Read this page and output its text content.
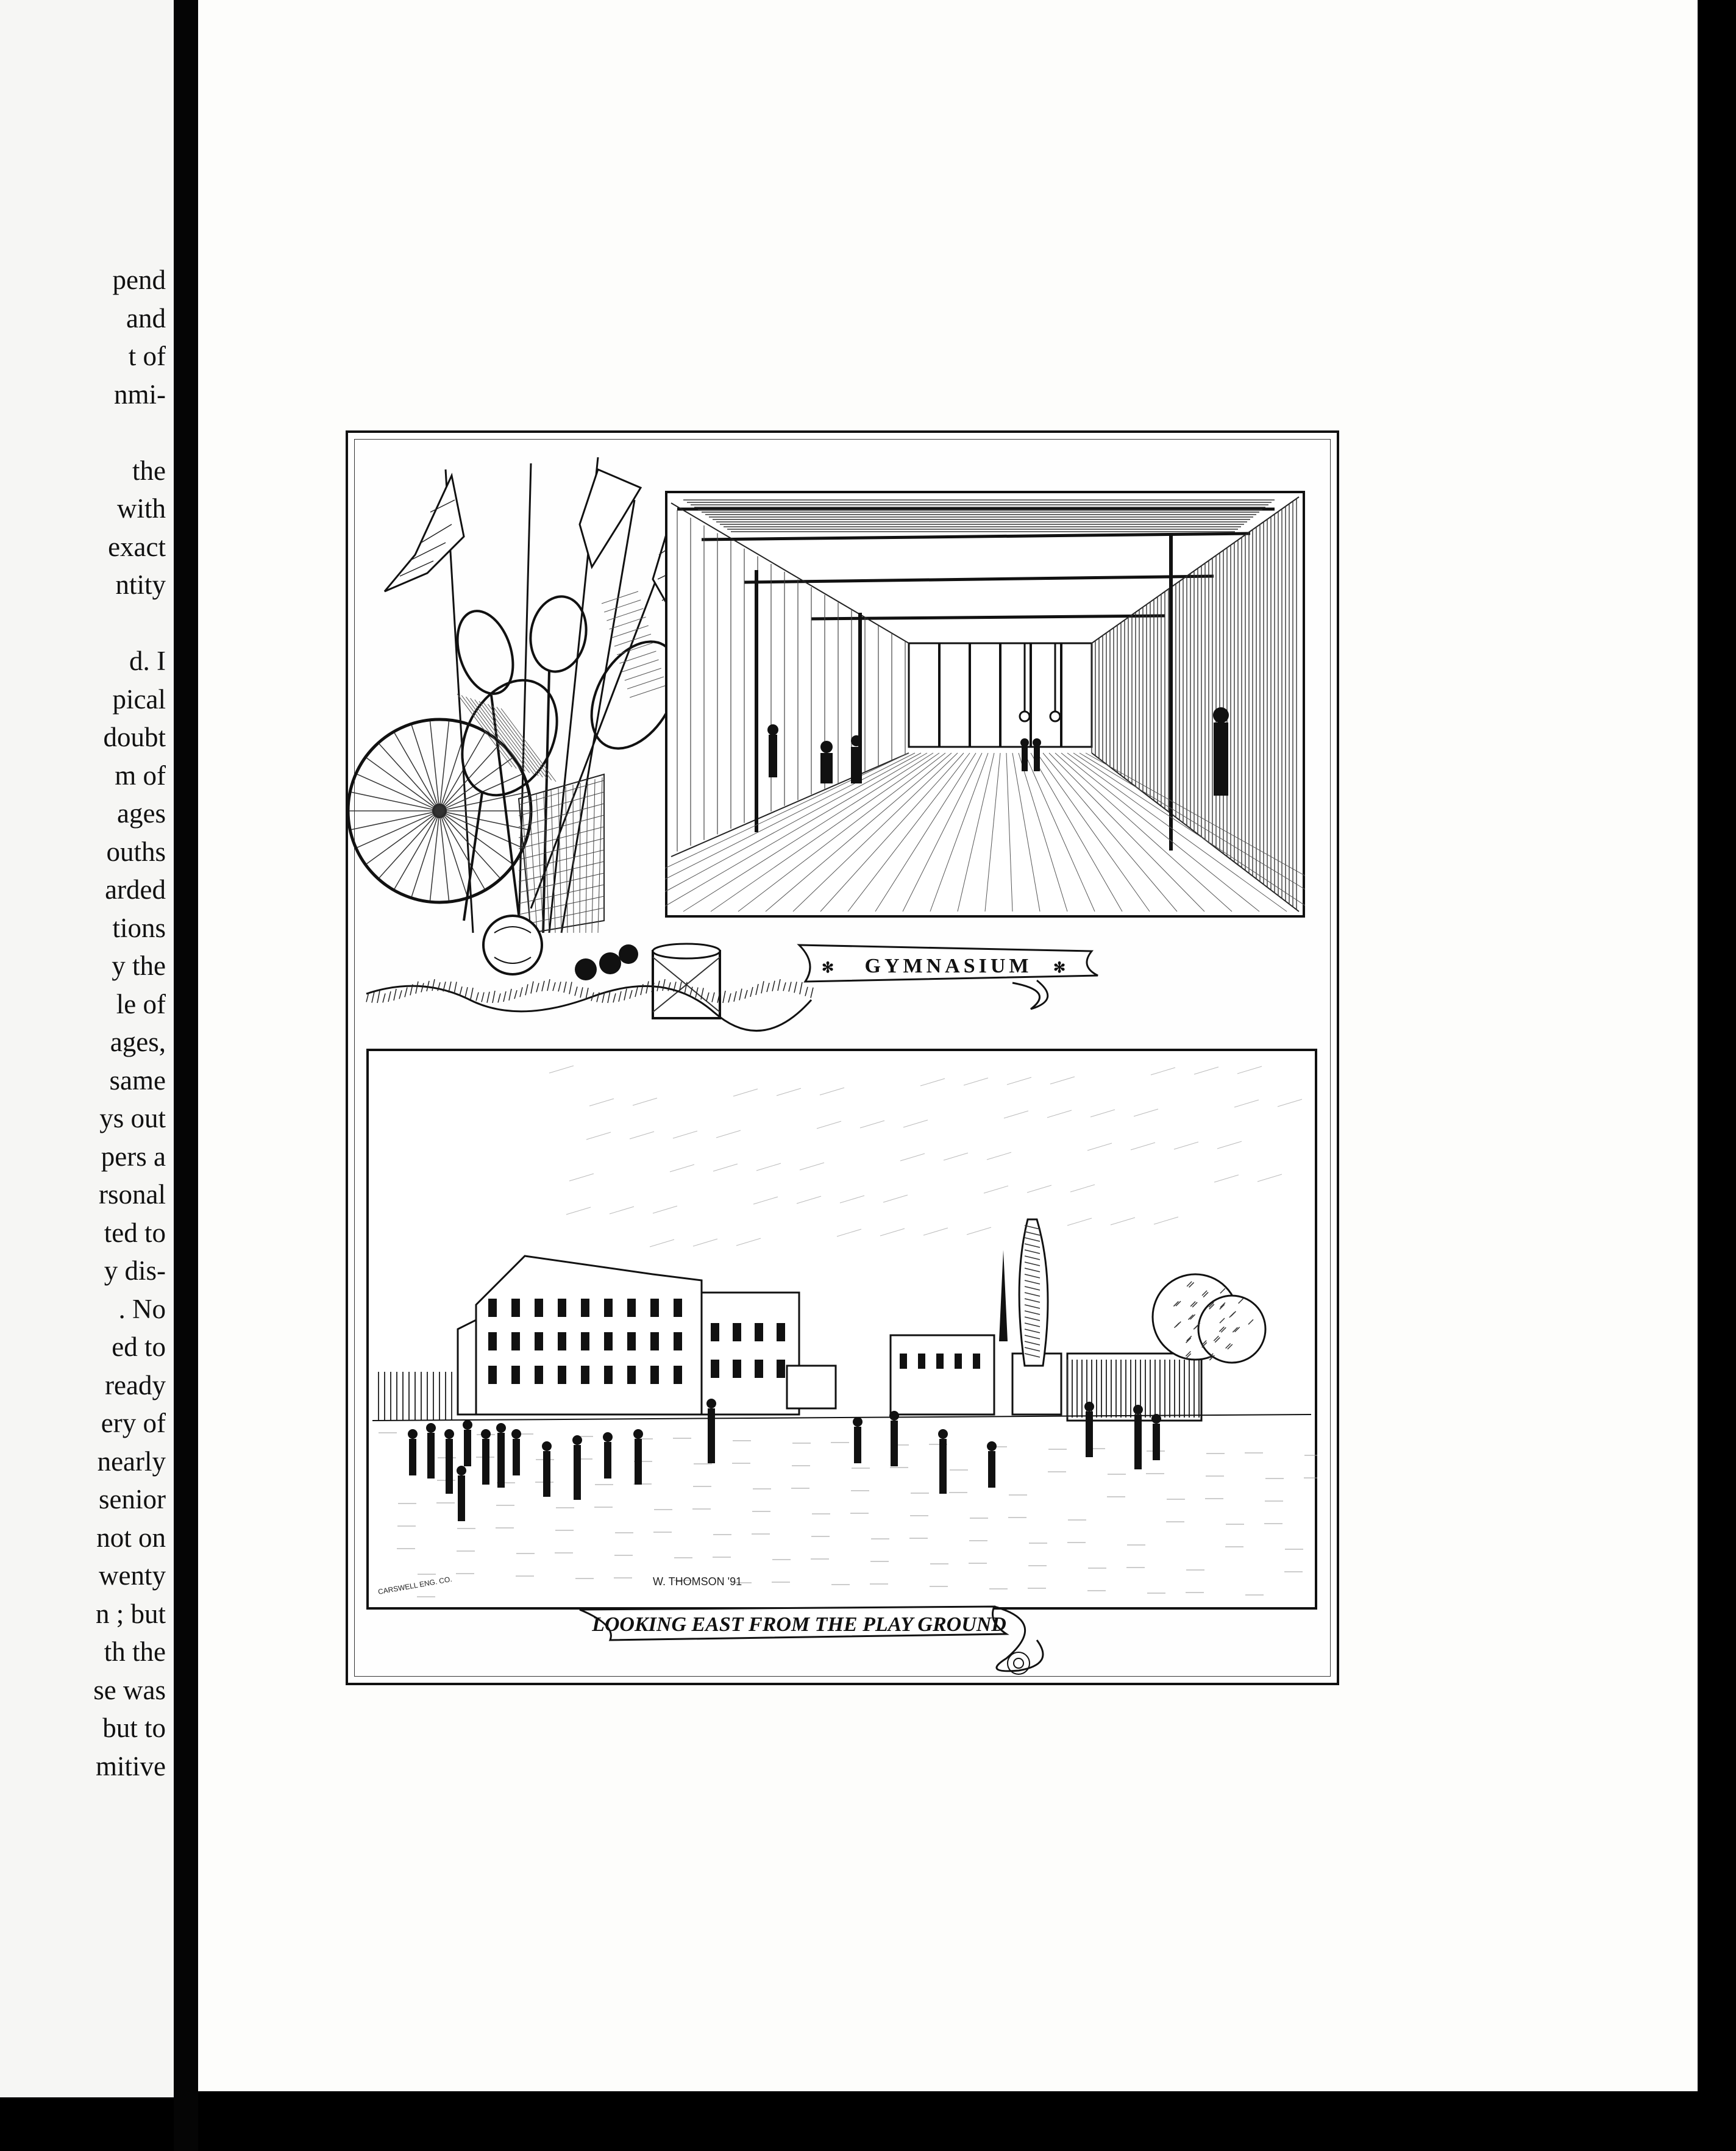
pend
and
t of
nmi-
the
with
exact
ntity
d. I
pical
doubt
m of
ages
ouths
arded
tions
y the
le of
ages,
same
ys out
pers a
rsonal
ted to
y dis-
. No
ed to
ready
ery of
nearly
senior
not on
wenty
n ; but
th the
se was
but to
mitive
GYMNASIUM
✻	✻
W. THOMSON '91
CARSWELL ENG. CO.
LOOKING EAST FROM THE PLAY GROUND
